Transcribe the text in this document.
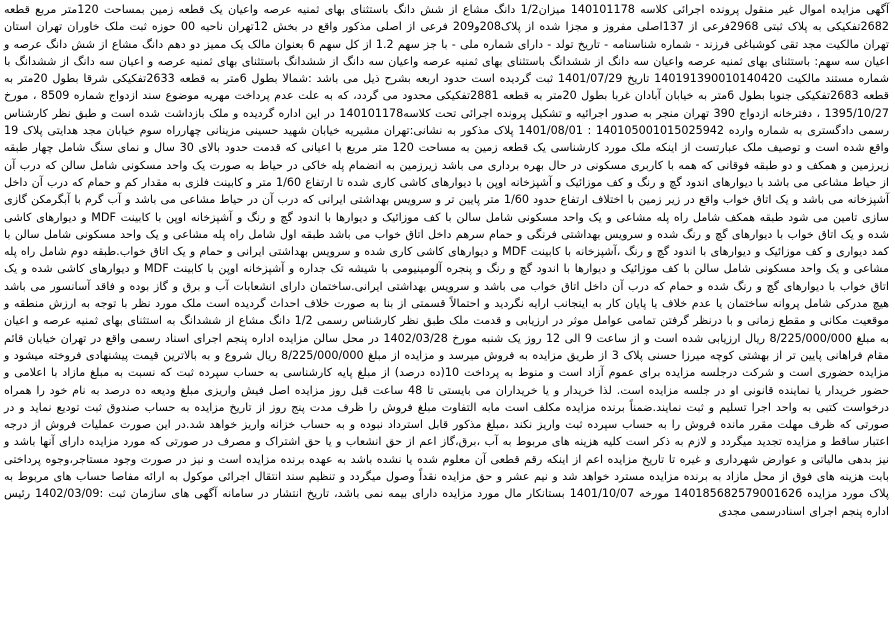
آگهی مزایده اموال غیر منقول پرونده اجرائی کلاسه 140101178 میزان1/2 دانگ مشاع از شش دانگ باستثنای بهای ثمنیه عرصه واعیان یک قطعه زمین بمساحت 120متر مربع قطعه 2682تفکیکی به پلاک ثبتی 2968فرعی از 137اصلی مفروز و مجزا شده از پلاک208و209 فرعی از اصلی مذکور واقع در بخش 12تهران ناحیه 00 حوزه ثبت ملک خاوران تهران استان تهران مالکیت مجد تقی کوشباغی فرزند - شماره شناسنامه - تاریخ تولد - دارای شماره ملی - با جز سهم 1.2 از کل سهم 6 بعنوان مالک یک ممیز دو دهم دانگ مشاع از شش دانگ عرصه و اعیان سه سهم: باستثنای بهای ثمنیه عرصه واعیان سه دانگ از ششدانگ باستثنای بهای ثمنیه عرصه واعیان سه دانگ از ششدانگ باستثنای بهای ثمنیه عرصه و اعیان سه دانگ از ششدانگ با شماره مستند مالکیت 140191390010140420 تاریخ 1401/07/29 ثبت گردیده است حدود اربعه بشرح ذیل می باشد :شمالا بطول 6متر به قطعه 2633تفکیکی شرقا بطول 20متر به قطعه 2683تفکیکی جنوبا بطول 6متر به خیابان آبادان غربا بطول 20متر به قطعه 2881تفکیکی محدود می گردد، که به علت عدم پرداخت مهریه موضوع سند ازدواج شماره 8509 ، مورخ 1395/10/27 ، دفترخانه ازدواج 390 تهران منجر به صدور اجرائیه و تشکیل پرونده اجرائی تحت کلاسه140101178 در این اداره گردیده و ملک بازداشت شده است و طبق نظر کارشناس رسمی دادگستری به شماره وارده 140105001015025942 : 1401/08/01 پلاک مذکور به نشانی:تهران مشیریه خیابان شهید حسینی مزینانی چهارراه سوم خیابان مجد هدایتی پلاک 19 واقع شده است و توصیف ملک عبارتست از اینکه ملک مورد کارشناسی یک قطعه زمین به مساحت 120 متر مربع با اعیانی که قدمت حدود بالای 30 سال و نمای سنگ شامل چهار طبقه زیرزمین و همکف و دو طبقه فوقانی که همه با کاربری مسکونی در حال بهره برداری می باشد زیرزمین به انضمام پله خاکی در حیاط به صورت یک واحد مسکونی شامل سالن که درب آن از حیاط مشاعی می باشد با دیوارهای اندود گچ و رنگ و کف موزائیک و آشپزخانه اوپن با دیوارهای کاشی کاری شده تا ارتفاع 1/60 متر و کابینت فلزی به مقدار کم و حمام که درب آن داخل آشپزخانه می باشد و یک اتاق خواب واقع در زیر زمین با اختلاف ارتفاع حدود 1/60 متر پایین تر و سرویس بهداشتی ایرانی که درب آن در حیاط مشاعی می باشد و آب گرم با آبگرمکن گازی سازی تامین می شود طبقه همکف شامل راه پله مشاعی و یک واحد مسکونی شامل سالن با کف موزائیک و دیوارها با اندود گچ و رنگ و آشپزخانه اوپن با کابینت MDF و دیوارهای کاشی شده و یک اتاق خواب با دیوارهای گچ و رنگ شده و سرویس بهداشتی فرنگی و حمام سرهم داخل اتاق خواب می باشد طبقه اول شامل راه پله مشاعی و یک واحد مسکونی شامل سالن با کمد دیواری و کف موزائیک و دیوارهای با اندود گچ و رنگ ،آشپزخانه با کابینت MDF و دیوارهای کاشی کاری شده و سرویس بهداشتی ایرانی و حمام و یک اتاق خواب.طبقه دوم شامل راه پله مشاعی و یک واحد مسکونی شامل سالن با کف موزائیک و دیوارها با اندود گچ و رنگ و پنجره آلومینیومی با شیشه تک جداره و آشپزخانه اوپن با کابینت MDF و دیوارهای کاشی شده و یک اتاق خواب با دیوارهای گچ و رنگ شده و حمام که درب آن داخل اتاق خواب می باشد و سرویس بهداشتی ایرانی.ساختمان دارای انشعابات آب و برق و گاز بوده و فاقد آسانسور می باشد هیچ مدرکی شامل پروانه ساختمان یا عدم خلاف یا پایان کار به اینجانب ارایه نگردید و احتمالاً قسمتی از بنا به صورت خلاف احداث گردیده است ملک مورد نظر با توجه به ارزش منطقه و موقعیت مکانی و مقطع زمانی و با درنظر گرفتن تمامی عوامل موثر در ارزیابی و قدمت ملک طبق نظر کارشناس رسمی 1/2 دانگ مشاع از ششدانگ به استثنای بهای ثمنیه عرصه و اعیان به مبلغ 8/225/000/000 ریال ارزیابی شده است و از ساعت 9 الی 12 روز یک شنبه مورخ 1402/03/28 در محل سالن مزایده اداره پنجم اجرای اسناد رسمی واقع در تهران خیابان قائم مقام فراهانی پایین تر از بهشتی کوچه میرزا حسنی پلاک 3 از طریق مزایده به فروش میرسد و مزایده از مبلغ 8/225/000/000 ریال شروع و به بالاترین قیمت پیشنهادی فروخته میشود و مزایده حضوری است و شرکت درجلسه مزایده برای عموم آزاد است و منوط به پرداخت 10(ده درصد) از مبلغ پایه کارشناسی به حساب سپرده ثبت که نسبت به مبلغ مازاد با اعلامی و حضور خریدار یا نماینده قانونی او در جلسه مزایده است. لذا خریدار و یا خریداران می بایستی تا 48 ساعت قبل روز مزایده اصل فیش واریزی مبلغ ودیعه ده درصد به نام خود را همراه درخواست کتبی به واحد اجرا تسلیم و ثبت نمایند.ضمناً برنده مزایده مکلف است مابه التفاوت مبلغ فروش را ظرف مدت پنج روز از تاریخ مزایده به حساب صندوق ثبت تودیع نماید و در صورتی که ظرف مهلت مقرر مانده فروش را به حساب سپرده ثبت واریز نکند ،مبلغ مذکور قابل استرداد نبوده و به حساب خزانه واریز خواهد شد.در این صورت عملیات فروش از درجه اعتبار ساقط و مزایده تجدید میگردد و لازم به ذکر است کلیه هزینه های مربوط به آب ،برق،گاز اعم از حق انشعاب و یا حق اشتراک و مصرف در صورتی که مورد مزایده دارای آنها باشد و نیز بدهی مالیاتی و عوارض شهرداری و غیره تا تاریخ مزایده اعم از اینکه رقم قطعی آن معلوم شده یا نشده باشد به عهده برنده مزایده است و نیز در صورت وجود مستاجر،وجوه پرداختی بابت هزینه های فوق از محل مازاد به برنده مزایده مسترد خواهد شد و نیم عشر و حق مزایده نقداً وصول میگردد و تنظیم سند انتقال اجرائی موکول به ارائه مفاصا حساب های مربوط به پلاک مورد مزایده 140185682579001626 مورخه 1401/10/07 بستانکار مال مورد مزایده دارای بیمه نمی باشد، تاریخ انتشار در سامانه آگهی های سازمان ثبت :1402/03/09 رئیس اداره پنجم اجرای اسنادرسمی مجدی
